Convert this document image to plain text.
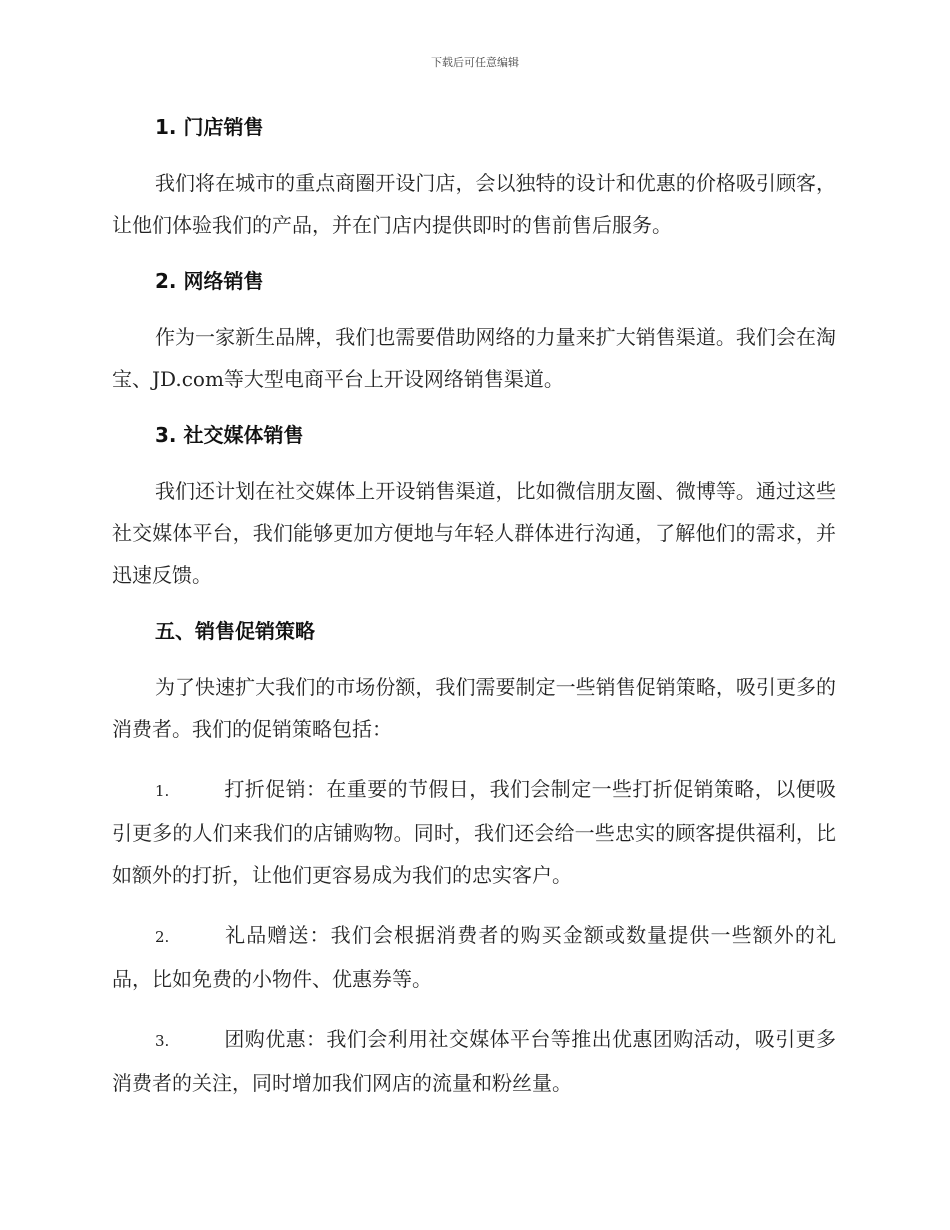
下载后可任意编辑
1. 门店销售

我们将在城市的重点商圈开设门店，会以独特的设计和优惠的价格吸引顾客，让他们体验我们的产品，并在门店内提供即时的售前售后服务。

2. 网络销售

作为一家新生品牌，我们也需要借助网络的力量来扩大销售渠道。我们会在淘宝、JD.com等大型电商平台上开设网络销售渠道。

3. 社交媒体销售

我们还计划在社交媒体上开设销售渠道，比如微信朋友圈、微博等。通过这些社交媒体平台，我们能够更加方便地与年轻人群体进行沟通，了解他们的需求，并迅速反馈。

五、销售促销策略

为了快速扩大我们的市场份额，我们需要制定一些销售促销策略，吸引更多的消费者。我们的促销策略包括：

1.	打折促销：在重要的节假日，我们会制定一些打折促销策略，以便吸引更多的人们来我们的店铺购物。同时，我们还会给一些忠实的顾客提供福利，比如额外的打折，让他们更容易成为我们的忠实客户。
2.	礼品赠送：我们会根据消费者的购买金额或数量提供一些额外的礼品，比如免费的小物件、优惠券等。
3.	团购优惠：我们会利用社交媒体平台等推出优惠团购活动，吸引更多消费者的关注，同时增加我们网店的流量和粉丝量。
